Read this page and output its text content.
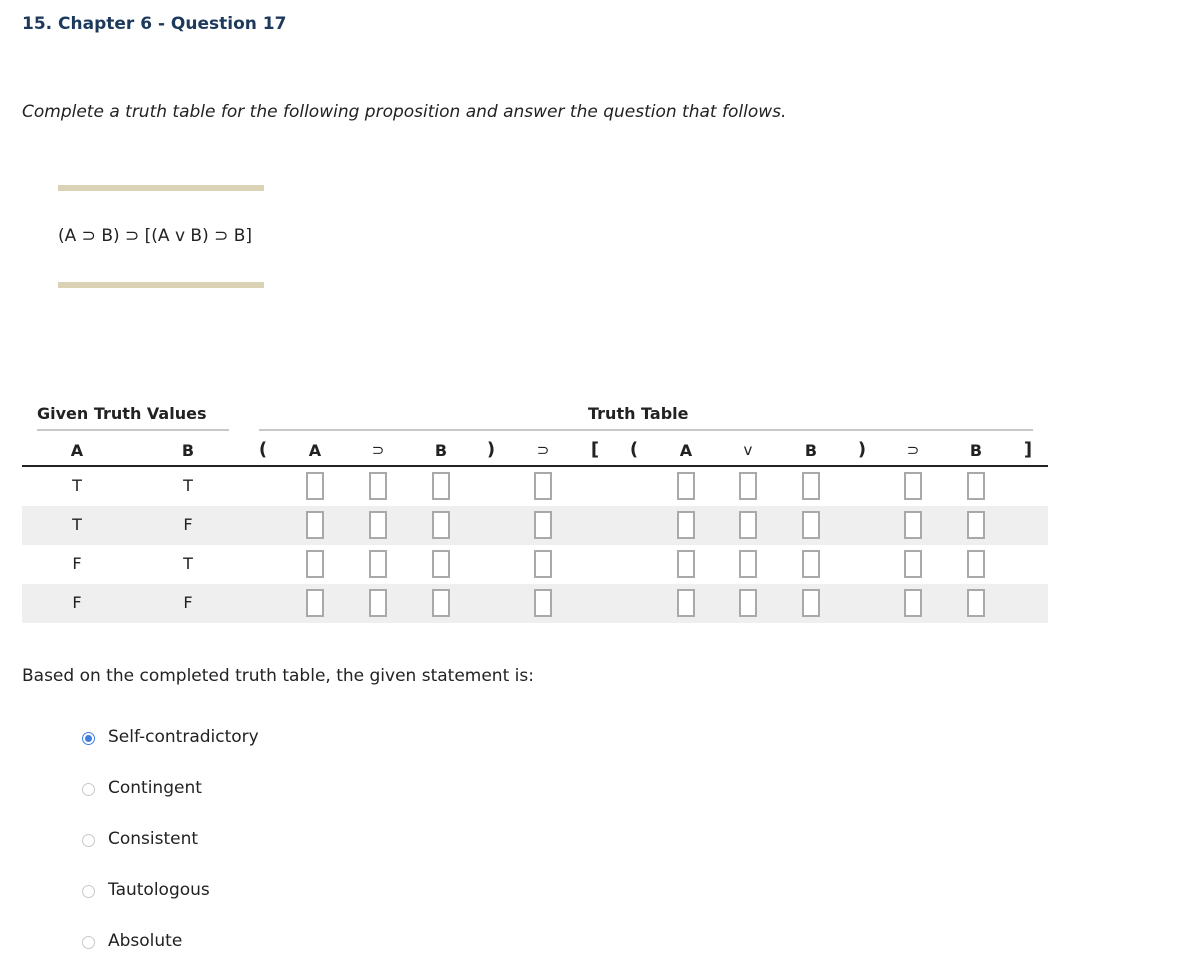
15. Chapter 6 - Question 17
Complete a truth table for the following proposition and answer the question that follows.
(A ⊃ B) ⊃ [(A v B) ⊃ B]
Given Truth Values	Truth Table
A	B	(	A	⊃	B )	⊃ [ (	A	v	B )	⊃	B ]
T	T
T	F
F	T
F	F
Based on the completed truth table, the given statement is:
Self-contradictory
Contingent
Consistent
Tautologous
Absolute
